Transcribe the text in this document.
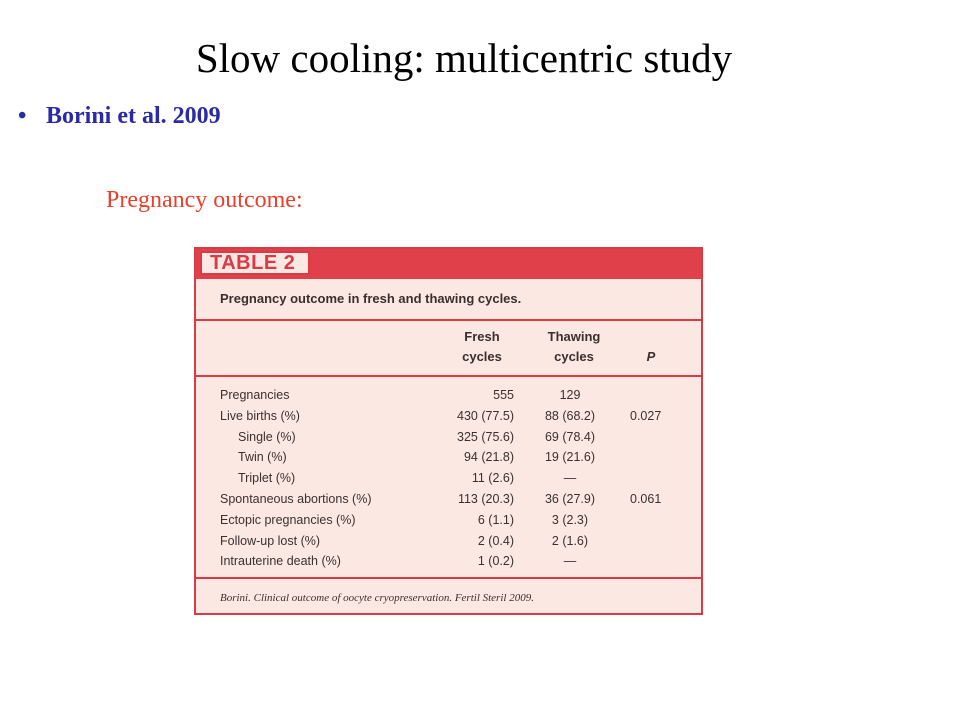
Slow cooling: multicentric study
• Borini et al. 2009
Pregnancy outcome:
TABLE 2
Pregnancy outcome in fresh and thawing cycles.
Fresh
cycles
Thawing
cycles	P
Pregnancies	555	129
Live births (%)	430 (77.5)	88 (68.2)	0.027
Single (%)	325 (75.6)	69 (78.4)
Twin (%)	94 (21.8)	19 (21.6)
Triplet (%)	11 (2.6)	—
Spontaneous abortions (%)	113 (20.3)	36 (27.9)	0.061
Ectopic pregnancies (%)	6 (1.1)	3 (2.3)
Follow-up lost (%)	2 (0.4)	2 (1.6)
Intrauterine death (%)	1 (0.2)	—
Borini. Clinical outcome of oocyte cryopreservation. Fertil Steril 2009.
